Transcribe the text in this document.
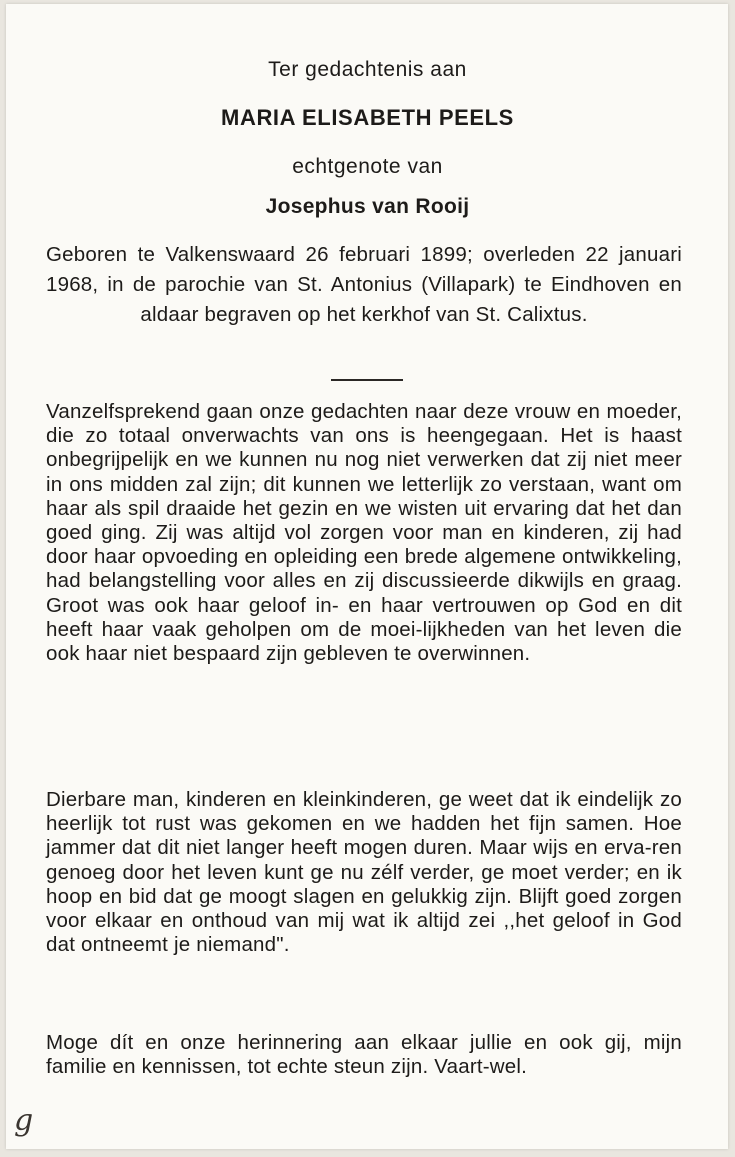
Ter gedachtenis aan
MARIA ELISABETH PEELS
echtgenote van
Josephus van Rooij
Geboren te Valkenswaard 26 februari 1899; overleden 22 januari 1968, in de parochie van St. Antonius (Villapark) te Eindhoven en aldaar begraven op het kerkhof van St. Calixtus.
Vanzelfsprekend gaan onze gedachten naar deze vrouw en moeder, die zo totaal onverwachts van ons is heengegaan. Het is haast onbegrijpelijk en we kunnen nu nog niet verwerken dat zij niet meer in ons midden zal zijn; dit kunnen we letterlijk zo verstaan, want om haar als spil draaide het gezin en we wisten uit ervaring dat het dan goed ging. Zij was altijd vol zorgen voor man en kinderen, zij had door haar opvoeding en opleiding een brede algemene ontwikkeling, had belangstelling voor alles en zij discussieerde dikwijls en graag. Groot was ook haar geloof in- en haar vertrouwen op God en dit heeft haar vaak geholpen om de moei-lijkheden van het leven die ook haar niet bespaard zijn gebleven te overwinnen.
Dierbare man, kinderen en kleinkinderen, ge weet dat ik eindelijk zo heerlijk tot rust was gekomen en we hadden het fijn samen. Hoe jammer dat dit niet langer heeft mogen duren. Maar wijs en erva-ren genoeg door het leven kunt ge nu zélf verder, ge moet verder; en ik hoop en bid dat ge moogt slagen en gelukkig zijn. Blijft goed zorgen voor elkaar en onthoud van mij wat ik altijd zei ,,het geloof in God dat ontneemt je niemand".
Moge dít en onze herinnering aan elkaar jullie en ook gij, mijn familie en kennissen, tot echte steun zijn. Vaart-wel.
g
